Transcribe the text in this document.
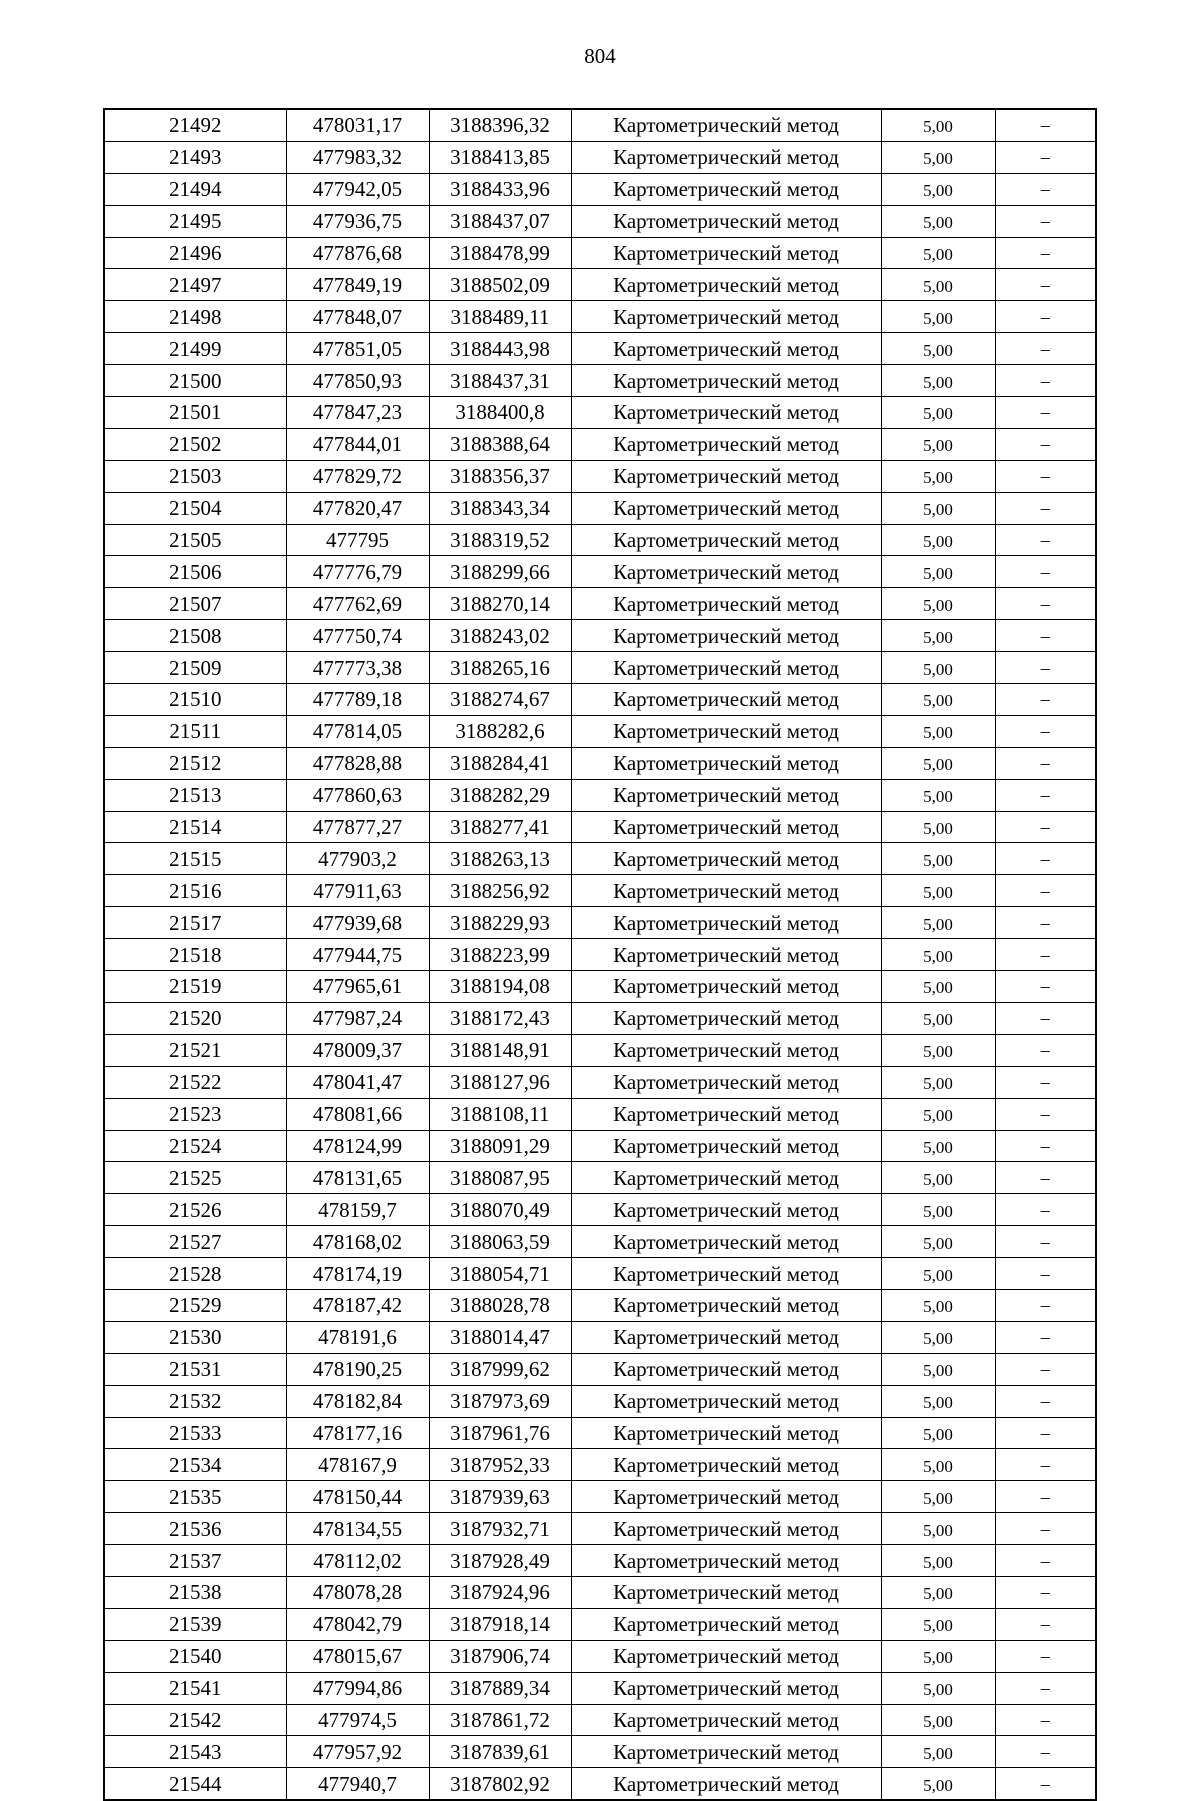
804
21492	478031,17	3188396,32	Картометрический метод	5,00	–
21493	477983,32	3188413,85	Картометрический метод	5,00	–
21494	477942,05	3188433,96	Картометрический метод	5,00	–
21495	477936,75	3188437,07	Картометрический метод	5,00	–
21496	477876,68	3188478,99	Картометрический метод	5,00	–
21497	477849,19	3188502,09	Картометрический метод	5,00	–
21498	477848,07	3188489,11	Картометрический метод	5,00	–
21499	477851,05	3188443,98	Картометрический метод	5,00	–
21500	477850,93	3188437,31	Картометрический метод	5,00	–
21501	477847,23	3188400,8	Картометрический метод	5,00	–
21502	477844,01	3188388,64	Картометрический метод	5,00	–
21503	477829,72	3188356,37	Картометрический метод	5,00	–
21504	477820,47	3188343,34	Картометрический метод	5,00	–
21505	477795	3188319,52	Картометрический метод	5,00	–
21506	477776,79	3188299,66	Картометрический метод	5,00	–
21507	477762,69	3188270,14	Картометрический метод	5,00	–
21508	477750,74	3188243,02	Картометрический метод	5,00	–
21509	477773,38	3188265,16	Картометрический метод	5,00	–
21510	477789,18	3188274,67	Картометрический метод	5,00	–
21511	477814,05	3188282,6	Картометрический метод	5,00	–
21512	477828,88	3188284,41	Картометрический метод	5,00	–
21513	477860,63	3188282,29	Картометрический метод	5,00	–
21514	477877,27	3188277,41	Картометрический метод	5,00	–
21515	477903,2	3188263,13	Картометрический метод	5,00	–
21516	477911,63	3188256,92	Картометрический метод	5,00	–
21517	477939,68	3188229,93	Картометрический метод	5,00	–
21518	477944,75	3188223,99	Картометрический метод	5,00	–
21519	477965,61	3188194,08	Картометрический метод	5,00	–
21520	477987,24	3188172,43	Картометрический метод	5,00	–
21521	478009,37	3188148,91	Картометрический метод	5,00	–
21522	478041,47	3188127,96	Картометрический метод	5,00	–
21523	478081,66	3188108,11	Картометрический метод	5,00	–
21524	478124,99	3188091,29	Картометрический метод	5,00	–
21525	478131,65	3188087,95	Картометрический метод	5,00	–
21526	478159,7	3188070,49	Картометрический метод	5,00	–
21527	478168,02	3188063,59	Картометрический метод	5,00	–
21528	478174,19	3188054,71	Картометрический метод	5,00	–
21529	478187,42	3188028,78	Картометрический метод	5,00	–
21530	478191,6	3188014,47	Картометрический метод	5,00	–
21531	478190,25	3187999,62	Картометрический метод	5,00	–
21532	478182,84	3187973,69	Картометрический метод	5,00	–
21533	478177,16	3187961,76	Картометрический метод	5,00	–
21534	478167,9	3187952,33	Картометрический метод	5,00	–
21535	478150,44	3187939,63	Картометрический метод	5,00	–
21536	478134,55	3187932,71	Картометрический метод	5,00	–
21537	478112,02	3187928,49	Картометрический метод	5,00	–
21538	478078,28	3187924,96	Картометрический метод	5,00	–
21539	478042,79	3187918,14	Картометрический метод	5,00	–
21540	478015,67	3187906,74	Картометрический метод	5,00	–
21541	477994,86	3187889,34	Картометрический метод	5,00	–
21542	477974,5	3187861,72	Картометрический метод	5,00	–
21543	477957,92	3187839,61	Картометрический метод	5,00	–
21544	477940,7	3187802,92	Картометрический метод	5,00	–
